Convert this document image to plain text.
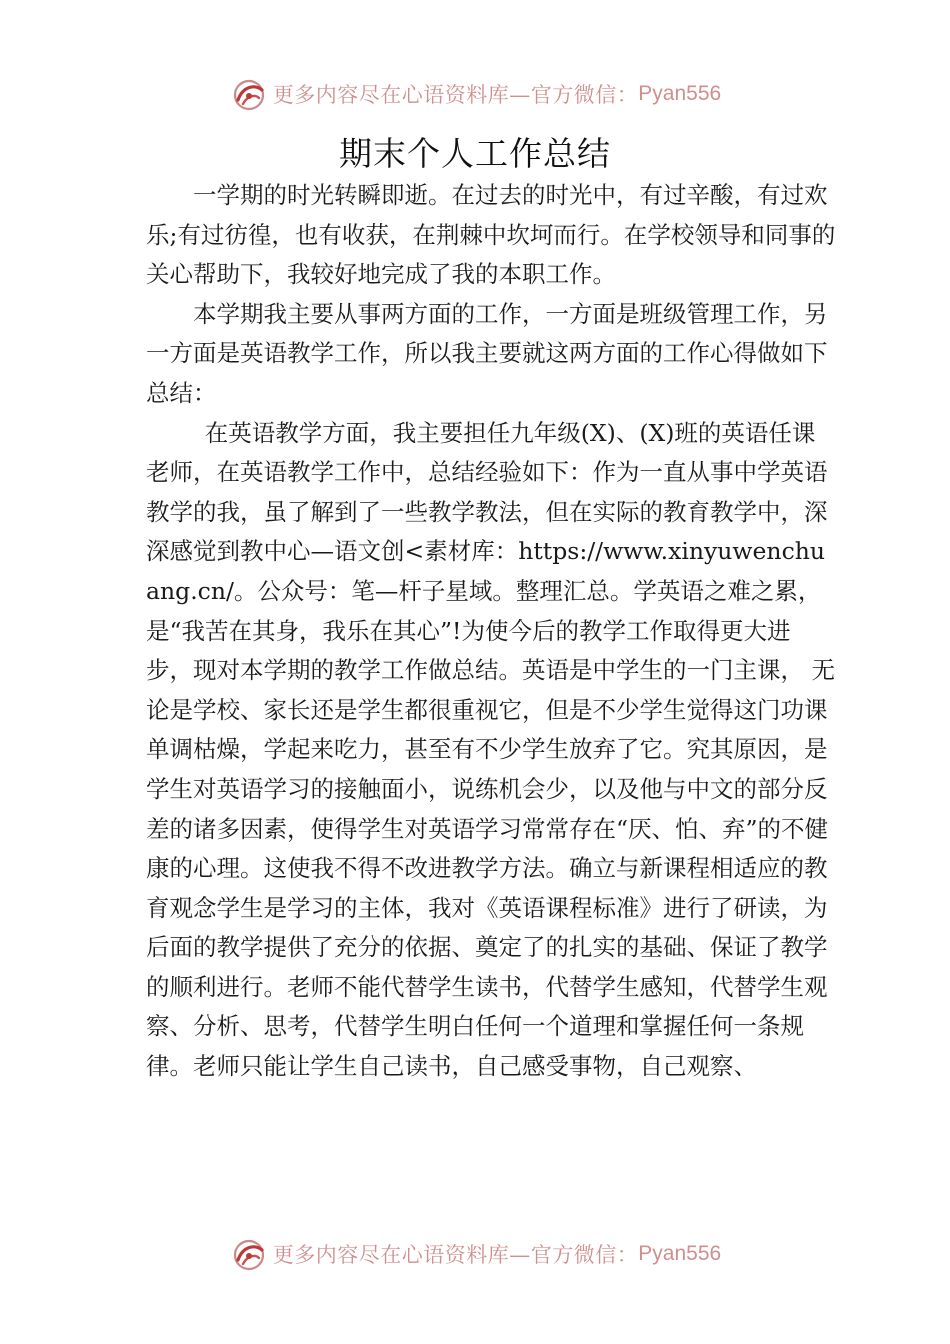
更多内容尽在心语资料库—官方微信： Pyan556
期末个人工作总结

一学期的时光转瞬即逝。在过去的时光中，有过辛酸，有过欢乐;有过彷徨，也有收获，在荆棘中坎坷而行。在学校领导和同事的关心帮助下，我较好地完成了我的本职工作。

本学期我主要从事两方面的工作，一方面是班级管理工作，另一方面是英语教学工作，所以我主要就这两方面的工作心得做如下总结：

在英语教学方面，我主要担任九年级(X)、(X)班的英语任课老师，在英语教学工作中，总结经验如下：作为一直从事中学英语教学的我，虽了解到了一些教学教法，但在实际的教育教学中，深深感觉到教中心—语文创<素材库：https://www.xinyuwenchuang.cn/。公众号：笔—杆子星域。整理汇总。学英语之难之累，是“我苦在其身，我乐在其心”!为使今后的教学工作取得更大进步，现对本学期的教学工作做总结。英语是中学生的一门主课， 无论是学校、家长还是学生都很重视它，但是不少学生觉得这门功课单调枯燥，学起来吃力，甚至有不少学生放弃了它。究其原因，是学生对英语学习的接触面小，说练机会少，以及他与中文的部分反差的诸多因素，使得学生对英语学习常常存在“厌、怕、弃”的不健康的心理。这使我不得不改进教学方法。确立与新课程相适应的教育观念学生是学习的主体，我对《英语课程标准》进行了研读，为后面的教学提供了充分的依据、奠定了的扎实的基础、保证了教学的顺利进行。老师不能代替学生读书，代替学生感知，代替学生观察、分析、思考，代替学生明白任何一个道理和掌握任何一条规律。老师只能让学生自己读书，自己感受事物，自己观察、

更多内容尽在心语资料库—官方微信： Pyan556
